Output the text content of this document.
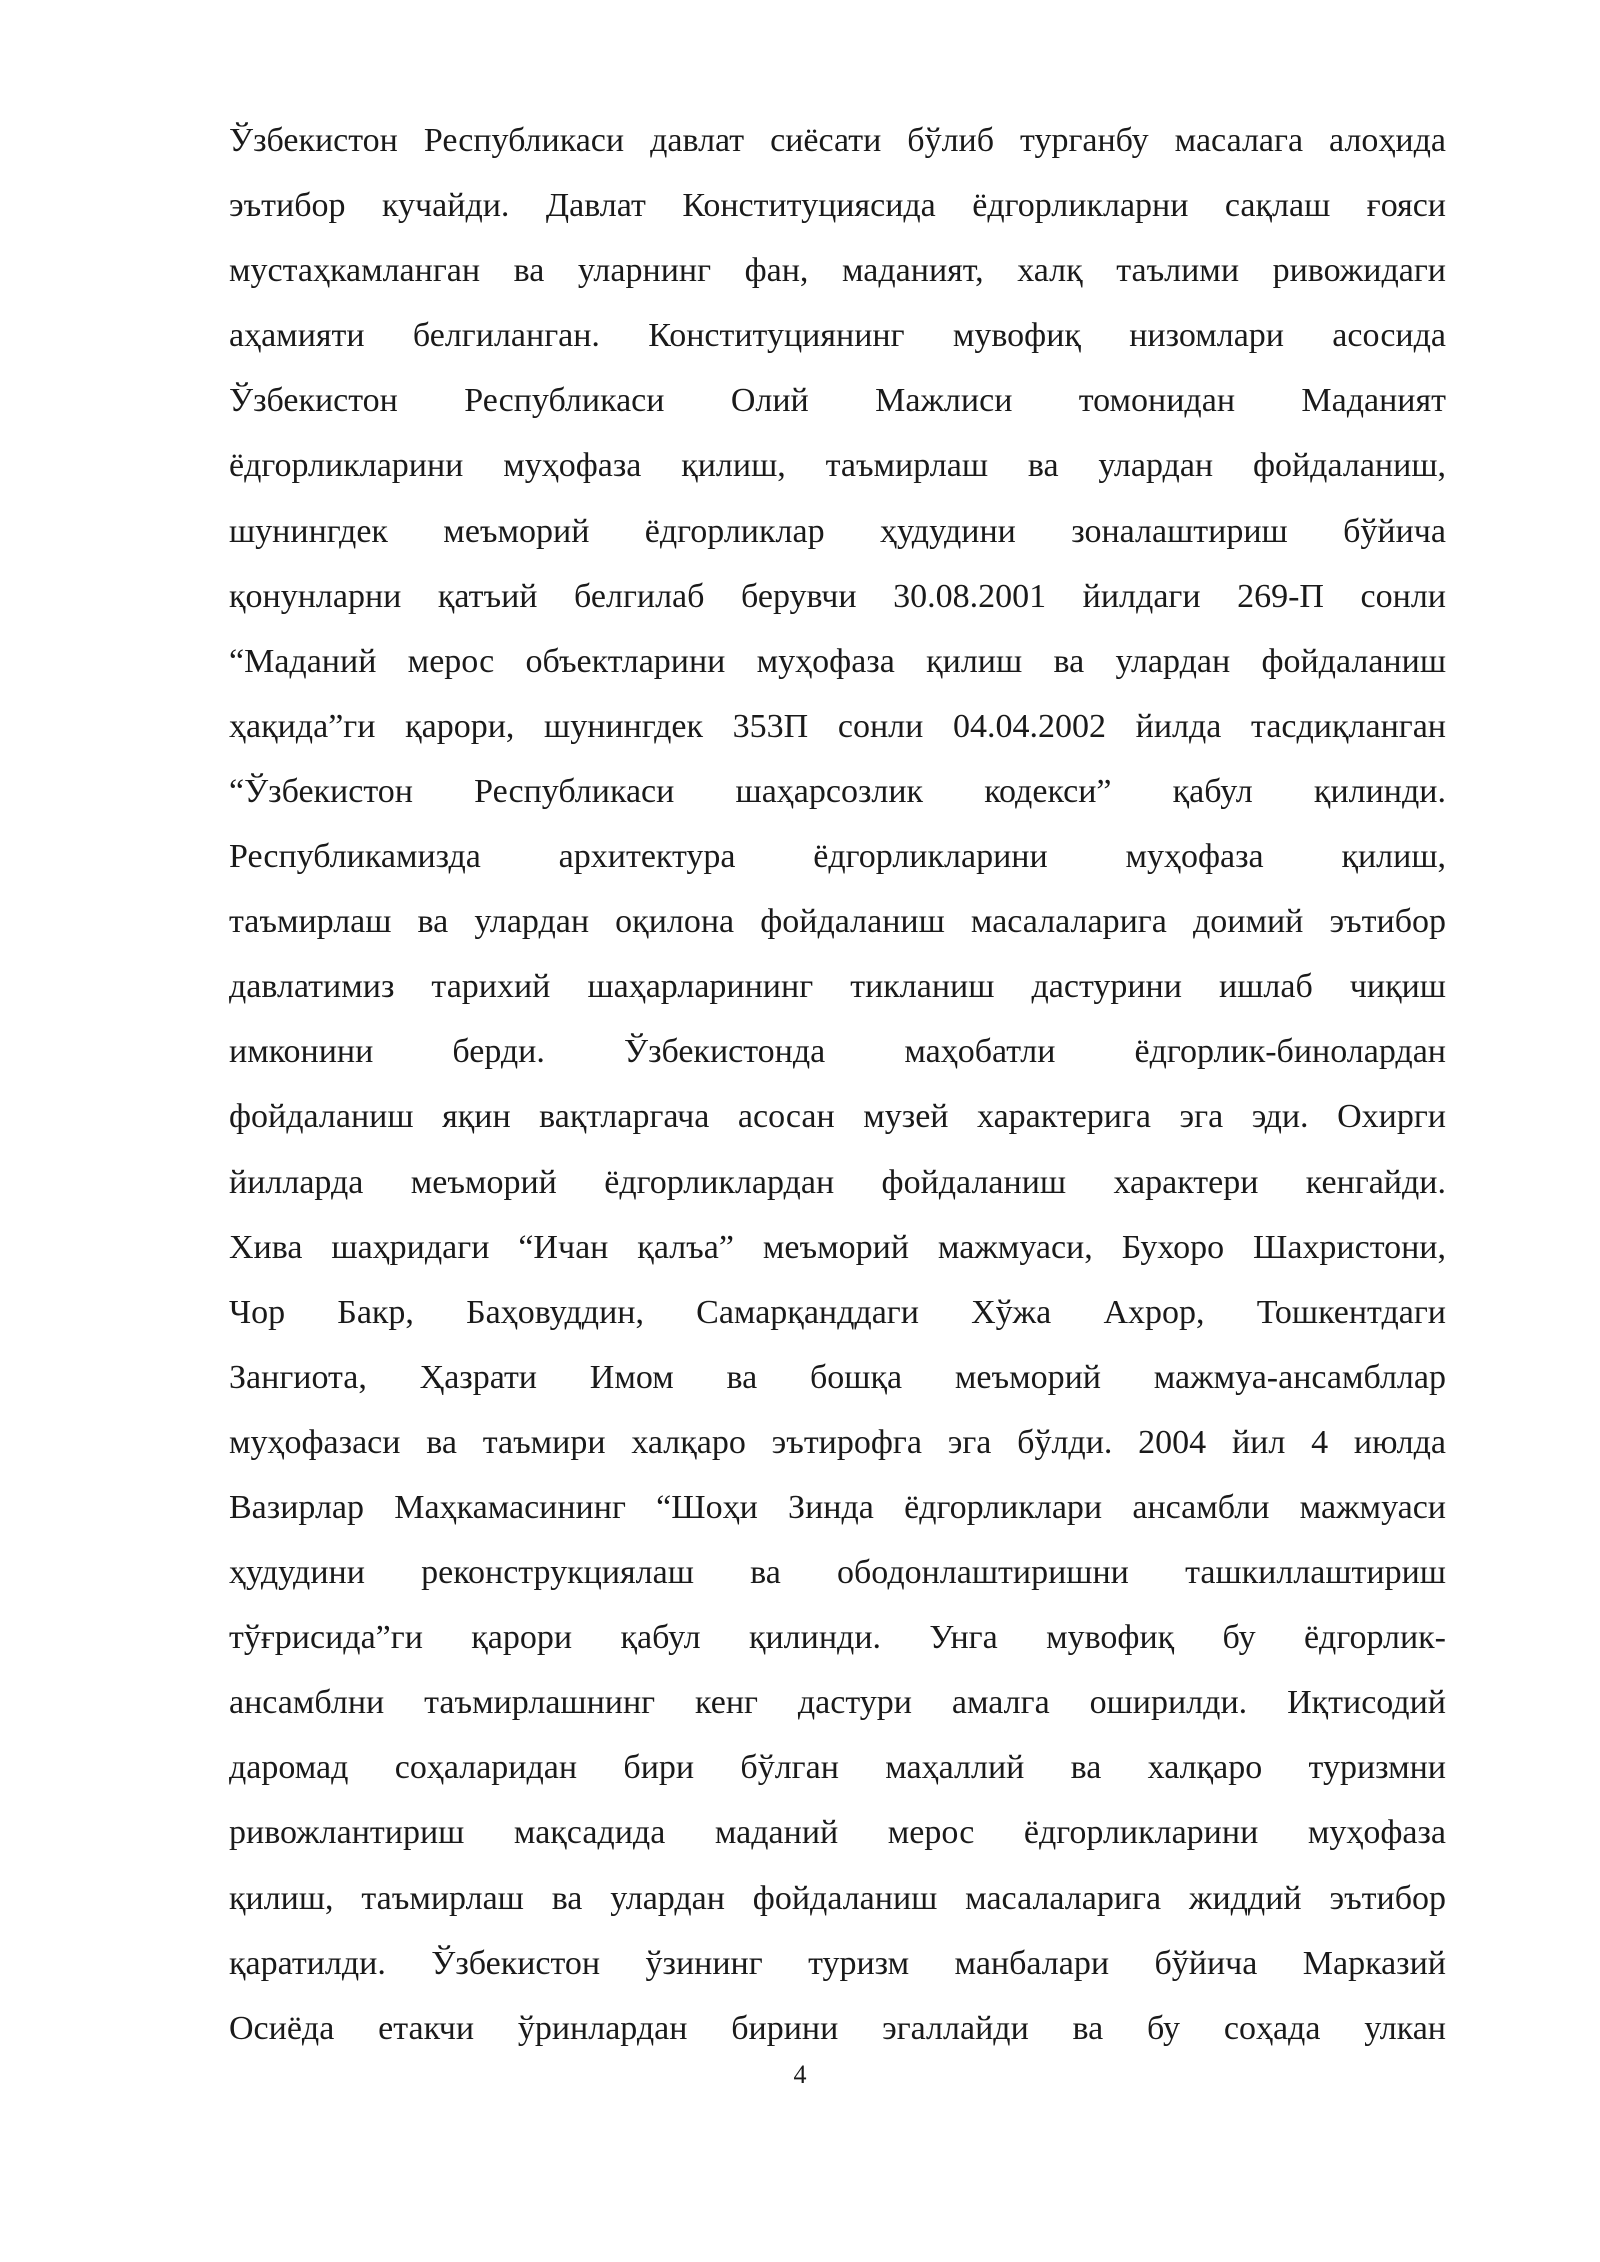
Ўзбекистон Республикаси давлат сиёсати бўлиб турганбу масалага алоҳида
эътибор кучайди. Давлат Конституциясида ёдгорликларни сақлаш ғояси
мустаҳкамланган ва уларнинг фан, маданият, халқ таълими ривожидаги
аҳамияти белгиланган. Конституциянинг мувофиқ низомлари асосида
Ўзбекистон Республикаси Олий Мажлиси томонидан Маданият
ёдгорликларини муҳофаза қилиш, таъмирлаш ва улардан фойдаланиш,
шунингдек меъморий ёдгорликлар ҳудудини зоналаштириш бўйича
қонунларни қатъий белгилаб берувчи 30.08.2001 йилдаги 269-П сонли
“Маданий мерос объектларини муҳофаза қилиш ва улардан фойдаланиш
ҳақида”ги қарори, шунингдек 353П сонли 04.04.2002 йилда тасдиқланган
“Ўзбекистон Республикаси шаҳарсозлик кодекси” қабул қилинди.
Республикамизда архитектура ёдгорликларини муҳофаза қилиш,
таъмирлаш ва улардан оқилона фойдаланиш масалаларига доимий эътибор
давлатимиз тарихий шаҳарларининг тикланиш дастурини ишлаб чиқиш
имконини берди. Ўзбекистонда маҳобатли ёдгорлик-бинолардан
фойдаланиш яқин вақтларгача асосан музей характерига эга эди. Охирги
йилларда меъморий ёдгорликлардан фойдаланиш характери кенгайди.
Хива шаҳридаги “Ичан қалъа” меъморий мажмуаси, Бухоро Шахристони,
Чор Бакр, Баҳовуддин, Самарқанддаги Хўжа Ахрор, Тошкентдаги
Зангиота, Ҳазрати Имом ва бошқа меъморий мажмуа-ансамбллар
муҳофазаси ва таъмири халқаро эътирофга эга бўлди. 2004 йил 4 июлда
Вазирлар Маҳкамасининг “Шоҳи Зинда ёдгорликлари ансамбли мажмуаси
ҳудудини реконструкциялаш ва ободонлаштиришни ташкиллаштириш
тўғрисида”ги қарори қабул қилинди. Унга мувофиқ бу ёдгорлик-
ансамблни таъмирлашнинг кенг дастури амалга оширилди. Иқтисодий
даромад соҳаларидан бири бўлган маҳаллий ва халқаро туризмни
ривожлантириш мақсадида маданий мерос ёдгорликларини муҳофаза
қилиш, таъмирлаш ва улардан фойдаланиш масалаларига жиддий эътибор
қаратилди. Ўзбекистон ўзининг туризм манбалари бўйича Марказий
Осиёда етакчи ўринлардан бирини эгаллайди ва бу соҳада улкан
4
